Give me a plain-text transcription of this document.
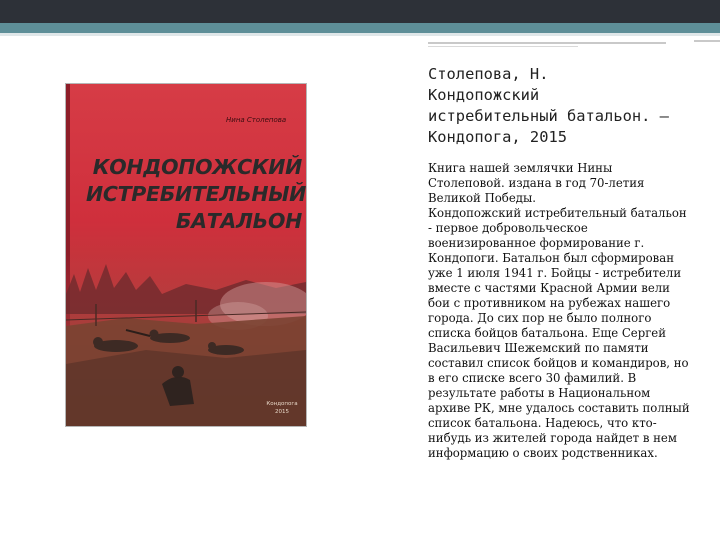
Нина Столепова
КОНДОПОЖСКИЙ
ИСТРЕБИТЕЛЬНЫЙ
БАТАЛЬОН
Кондопога
2015
Столепова, Н.
Кондопожский
истребительный батальон. –
Кондопога, 2015

Книга нашей землячки Нины Столеповой. издана в год 70-летия Великой Победы.

Кондопожский истребительный батальон - первое добровольческое военизированное формирование г. Кондопоги. Батальон был сформирован уже 1 июля 1941 г. Бойцы - истребители вместе с частями Красной Армии вели бои с противником на рубежах нашего города. До сих пор не было полного списка бойцов батальона. Еще Сергей Васильевич Шежемский по памяти составил список бойцов и командиров, но в его списке всего 30 фамилий. В результате работы в Национальном архиве РК, мне удалось составить полный список батальона. Надеюсь, что кто-нибудь из жителей города найдет в нем информацию о своих родственниках.
